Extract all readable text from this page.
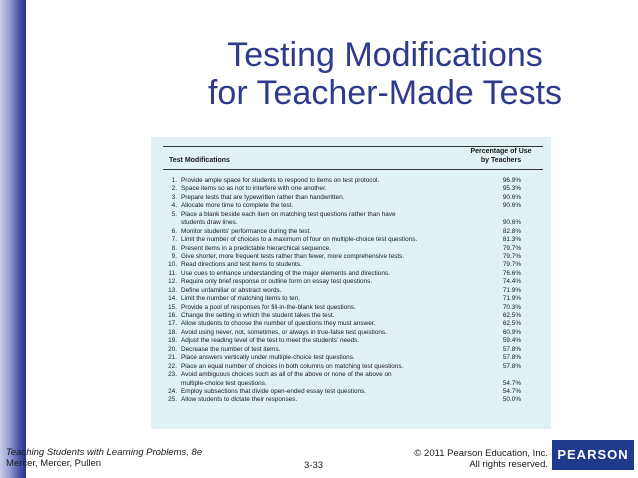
Testing Modifications
for Teacher-Made Tests
Test Modifications
Percentage of Use
by Teachers
1. Provide ample space for students to respond to items on test protocol.	96.9%
2. Space items so as not to interfere with one another.	95.3%
3. Prepare tests that are typewritten rather than handwritten.	90.6%
4. Allocate more time to complete the test.	90.6%
5. Place a blank beside each item on matching test questions rather than have
students draw lines.	90.6%
6. Monitor students' performance during the test.	82.8%
7. Limit the number of choices to a maximum of four on multiple-choice test questions.	81.3%
8. Present items in a predictable hierarchical sequence.	79.7%
9. Give shorter, more frequent tests rather than fewer, more comprehensive tests.	79.7%
10. Read directions and test items to students.	79.7%
11. Use cues to enhance understanding of the major elements and directions.	76.6%
12. Require only brief response or outline form on essay test questions.	74.4%
13. Define unfamiliar or abstract words.	71.9%
14. Limit the number of matching items to ten.	71.9%
15. Provide a pool of responses for fill-in-the-blank test questions.	70.3%
16. Change the setting in which the student takes the test.	62.5%
17. Allow students to choose the number of questions they must answer.	62.5%
18. Avoid using never, not, sometimes, or always in true-false test questions.	60.9%
19. Adjust the reading level of the test to meet the students' needs.	59.4%
20. Decrease the number of test items.	57.8%
21. Place answers vertically under multiple-choice test questions.	57.8%
22. Place an equal number of choices in both columns on matching test questions.	57.8%
23. Avoid ambiguous choices such as all of the above or none of the above on
multiple-choice test questions.	54.7%
24. Employ subsections that divide open-ended essay test questions.	54.7%
25. Allow students to dictate their responses.	50.0%
Teaching Students with Learning Problems, 8e
Mercer, Mercer, Pullen	3-33
© 2011 Pearson Education, Inc.
All rights reserved.
PEARSON
